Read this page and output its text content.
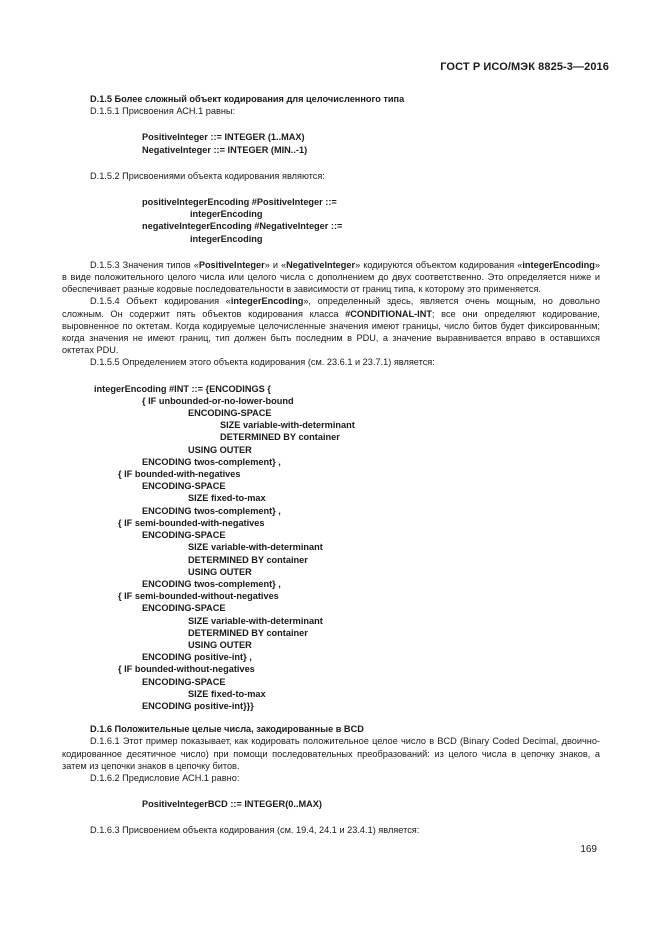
ГОСТ Р ИСО/МЭК 8825-3—2016

D.1.5 Более сложный объект кодирования для целочисленного типа

D.1.5.1 Присвоения АСН.1 равны:

PositiveInteger ::= INTEGER (1..MAX)
NegativeInteger ::= INTEGER (MIN..-1)

D.1.5.2 Присвоениями объекта кодирования являются:

positiveIntegerEncoding #PositiveInteger ::=
integerEncoding
negativeIntegerEncoding #NegativeInteger ::=
integerEncoding

D.1.5.3 Значения типов «PositiveInteger» и «NegativeInteger» кодируются объектом кодирования «integerEncoding» в виде положительного целого числа или целого числа с дополнением до двух соответственно. Это определяется ниже и обеспечивает разные кодовые последовательности в зависимости от границ типа, к которому это применяется.

D.1.5.4 Объект кодирования «integerEncoding», определенный здесь, является очень мощным, но довольно сложным. Он содержит пять объектов кодирования класса #CONDITIONAL-INT; все они определяют кодирование, выровненное по октетам. Когда кодируемые целочисленные значения имеют границы, число битов будет фиксированным; когда значения не имеют границ, тип должен быть последним в PDU, а значение выравнивается вправо в оставшихся октетах PDU.

D.1.5.5 Определением этого объекта кодирования (см. 23.6.1 и 23.7.1) является:

integerEncoding #INT ::= {ENCODINGS {
{ IF unbounded-or-no-lower-bound
ENCODING-SPACE
SIZE variable-with-determinant
DETERMINED BY container
USING OUTER
ENCODING twos-complement} ,
{ IF bounded-with-negatives
ENCODING-SPACE
SIZE fixed-to-max
ENCODING twos-complement} ,
{ IF semi-bounded-with-negatives
ENCODING-SPACE
SIZE variable-with-determinant
DETERMINED BY container
USING OUTER
ENCODING twos-complement} ,
{ IF semi-bounded-without-negatives
ENCODING-SPACE
SIZE variable-with-determinant
DETERMINED BY container
USING OUTER
ENCODING positive-int} ,
{ IF bounded-without-negatives
ENCODING-SPACE
SIZE fixed-to-max
ENCODING positive-int}}}

D.1.6 Положительные целые числа, закодированные в BCD

D.1.6.1 Этот пример показывает, как кодировать положительное целое число в BCD (Binary Coded Decimal, двоично-кодированное десятичное число) при помощи последовательных преобразований: из целого числа в цепочку знаков, а затем из цепочки знаков в цепочку битов.

D.1.6.2 Предисловие АСН.1 равно:

PositiveIntegerBCD ::= INTEGER(0..MAX)

D.1.6.3 Присвоением объекта кодирования (см. 19.4, 24.1 и 23.4.1) является:

169
